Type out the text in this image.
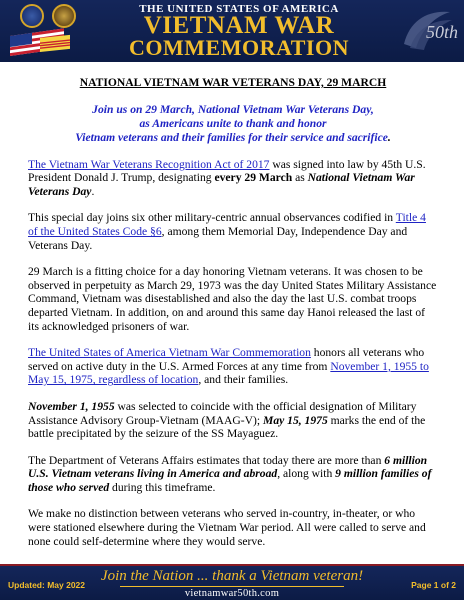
THE UNITED STATES OF AMERICA
VIETNAM WAR
COMMEMORATION
50th
NATIONAL VIETNAM WAR VETERANS DAY, 29 MARCH
Join us on 29 March, National Vietnam War Veterans Day,
as Americans unite to thank and honor
Vietnam veterans and their families for their service and sacrifice.

The Vietnam War Veterans Recognition Act of 2017 was signed into law by 45th U.S. President Donald J. Trump, designating every 29 March as National Vietnam War Veterans Day.

This special day joins six other military-centric annual observances codified in Title 4 of the United States Code §6, among them Memorial Day, Independence Day and Veterans Day.

29 March is a fitting choice for a day honoring Vietnam veterans. It was chosen to be observed in perpetuity as March 29, 1973 was the day United States Military Assistance Command, Vietnam was disestablished and also the day the last U.S. combat troops departed Vietnam. In addition, on and around this same day Hanoi released the last of its acknowledged prisoners of war.

The United States of America Vietnam War Commemoration honors all veterans who served on active duty in the U.S. Armed Forces at any time from November 1, 1955 to May 15, 1975, regardless of location, and their families.

November 1, 1955 was selected to coincide with the official designation of Military Assistance Advisory Group-Vietnam (MAAG-V); May 15, 1975 marks the end of the battle precipitated by the seizure of the SS Mayaguez.

The Department of Veterans Affairs estimates that today there are more than 6 million U.S. Vietnam veterans living in America and abroad, along with 9 million families of those who served during this timeframe.

We make no distinction between veterans who served in-country, in-theater, or who were stationed elsewhere during the Vietnam War period. All were called to serve and none could self-determine where they would serve.

Updated: May 2022
Join the Nation ... thank a Vietnam veteran!
vietnamwar50th.com
Page 1 of 2
